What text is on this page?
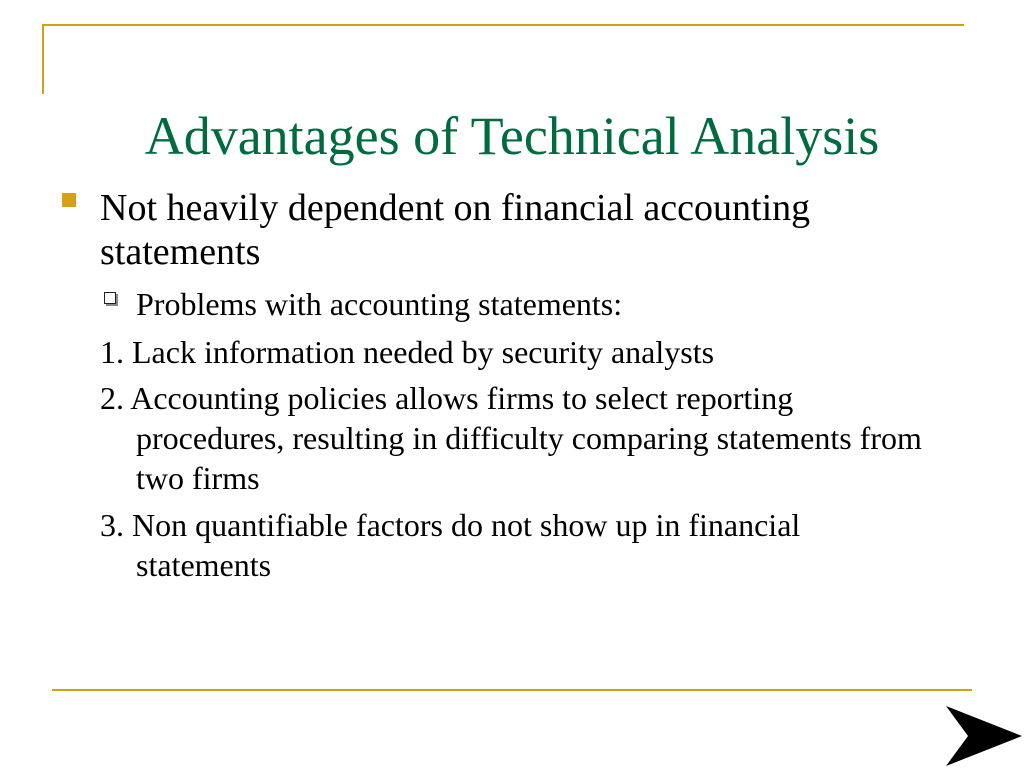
Advantages of Technical Analysis
Not heavily dependent on financial accounting statements
Problems with accounting statements:
1. Lack information needed by security analysts
2. Accounting policies allows firms to select reporting
procedures, resulting in difficulty comparing statements from two firms
3. Non quantifiable factors do not show up in financial
statements
